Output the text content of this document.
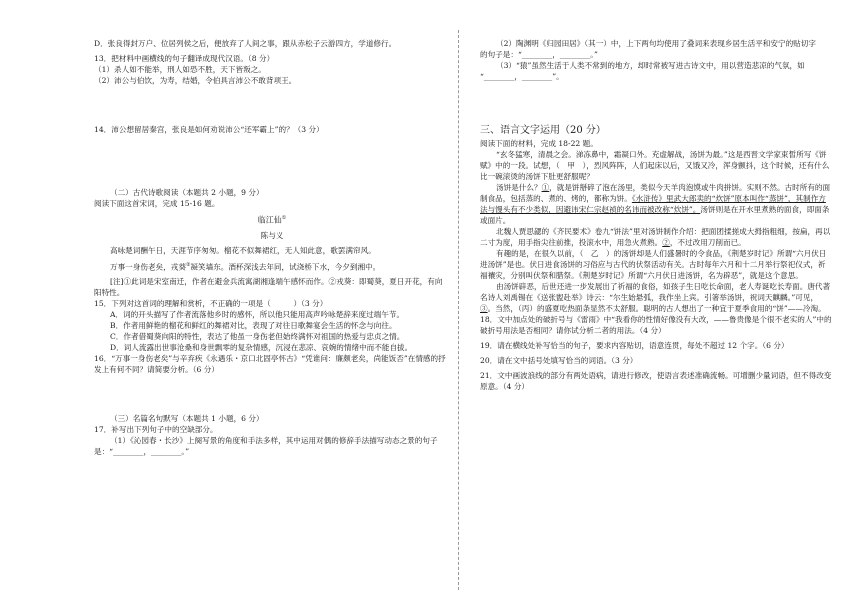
D．张良得封万户、位居列侯之后，便放弃了人间之事，跟从赤松子云游四方，学道修行。

13．把材料中画横线的句子翻译成现代汉语。（8 分）

（1）杀人如不能举，刑人如恐不胜，天下皆叛之。

（2）沛公与伯饮，为寿，结婚，令伯具言沛公不敢背项王。

14．沛公想留居秦宫，张良是如何劝说沛公“还军霸上”的？（3 分）

（二）古代诗歌阅读（本题共 2 小题，9 分）

阅读下面这首宋词，完成 15-16 题。

临江仙①

陈与义

高咏楚词酬午日，天涯节序匆匆。榴花不似舞裙红，无人知此意，歌罢满帘风。

万事一身伤老矣，戎葵②凝笑墙东。酒杯深浅去年同，试浇桥下水，今夕到湘中。

[注]①此词是宋室南迁，作者在避金兵流寓湖湘逢端午感怀而作。②戎葵：即蜀葵，夏日开花，有向阳特性。

15．下列对这首词的理解和赏析，不正确的一项是（　　　）（3 分）

A．词的开头描写了作者流落他乡时的感怀，所以他只能用高声吟咏楚辞来度过端午节。

B．作者用鲜艳的榴花和鲜红的舞裙对比，表现了对往日歌舞宴会生活的怀念与向往。

C．作者借蜀葵向阳的特性，表达了他虽一身伤老但始终满怀对祖国的热爱与忠贞之情。

D．词人流露出世事沧桑和身世飘零的复杂情感，沉浸在悲凉、哀婉的情绪中而不能自拔。

16．“万事一身伤老矣”与辛弃疾《永遇乐・京口北固亭怀古》“凭谁问：廉颇老矣，尚能饭否”在情感的抒发上有何不同？请简要分析。（6 分）

（三）名篇名句默写（本题共 1 小题，6 分）

17．补写出下列句子中的空缺部分。

（1）《沁园春・长沙》上阕写景的角度和手法多样，其中运用对偶的修辞手法描写动态之景的句子是：“________，________。”

（2）陶渊明《归园田居》（其一）中，上下两句均使用了叠词来表现乡居生活平和安宁的贴切字

的句子是：“________，________。”

（3）“猿”虽然生活于人类不常到的地方，却时常被写进古诗文中，用以营造悲凉的气氛，如

“________，________”。

三、语言文字运用（20 分）

阅读下面的材料，完成 18-22 题。

“玄冬猛寒，清晨之会。涕冻鼻中，霜凝口外。充虚解战，汤饼为最。”这是西晋文学家束皙所写《饼赋》中的一段。试想，（　甲　），烈风阵阵，人们起床以后，又饿又冷，浑身颤抖，这个时候，还有什么比一碗滚烫的汤饼下肚更舒服呢？

汤饼是什么？①，就是饼掰碎了泡在汤里，类似今天羊肉泡馍或牛肉拼饼。实则不然。古时所有的面制食品，包括蒸的、煮的、烤的，都称为饼。《水浒传》里武大郎卖的“炊饼”原本叫作“蒸饼”，其制作方法与馒头有不少类似，因避讳宋仁宗赵祯的名讳而被改称“炊饼”。汤饼则是在开水里煮熟的面食，即面条或面片。

北魏人贾思勰的《齐民要术》卷九“饼法”里对汤饼制作介绍：把面团揉搓成大拇指粗细，按扁，再以二寸为度，用手指尖往前推，投滚水中，用急火煮熟。②，不过改用刀削而已。

有趣的是，在很久以前，（　乙　）的汤饼却是人们盛暑时的令食品，《荆楚岁时记》所谓“六月伏日进汤饼”是也。伏日进食汤饼的习俗应与古代的伏祭活动有关。古时每年六月和十二月举行祭祀仪式，祈福禳灾，分别叫伏祭和腊祭。《荆楚岁时记》所谓“六月伏日进汤饼，名为辟恶”，就是这个意思。

由汤饼辟恶，后世还进一步发展出了祈福的食俗，如孩子生日吃长命面，老人寿诞吃长寿面。唐代著名诗人刘禹锡在《送张盥赴举》诗云：“尔生始悬弧，我作坐上宾。引箸举汤饼，祝词天麒麟。”可见，③。当然，（丙）的盛夏吃热面条显然不太舒服。聪明的古人想出了一种宜于夏季食用的“饼”——冷淘。

18．文中加点处的破折号与《雷雨》中“我看你的性情好像没有大改，——鲁贵像是个很不老实的人”中的破折号用法是否相同？请你试分析二者的用法。（4 分）

19．请在横线处补写恰当的句子，要求内容贴切，语意连贯，每处不超过 12 个字。（6 分）

20．请在文中括号处填写恰当的词语。（3 分）

21．文中画波浪线的部分有两处语病，请进行修改，使语言表述准确流畅。可增删少量词语，但不得改变原意。（4 分）
